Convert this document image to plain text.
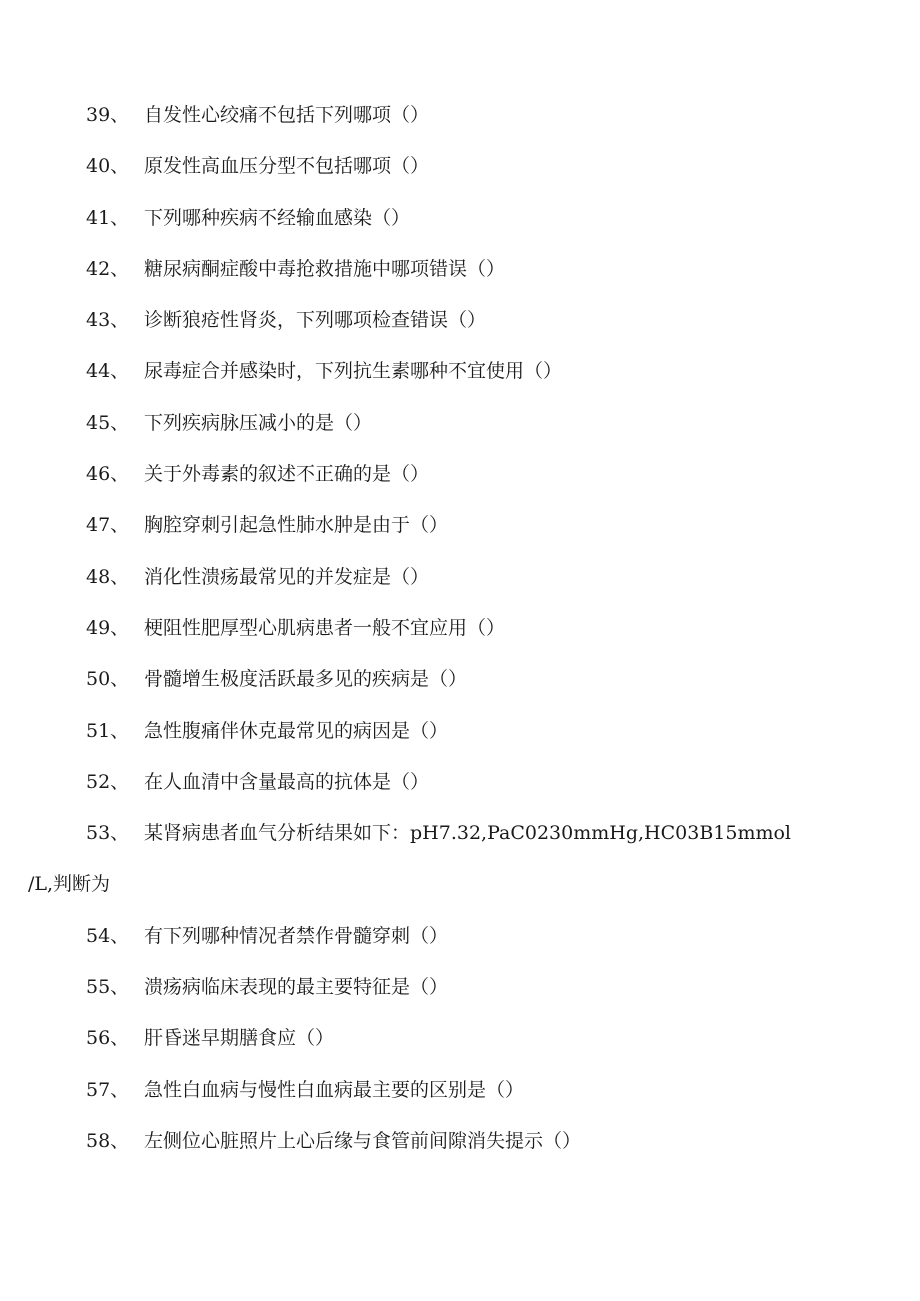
39、 自发性心绞痛不包括下列哪项（）
40、 原发性高血压分型不包括哪项（）
41、 下列哪种疾病不经输血感染（）
42、 糖尿病酮症酸中毒抢救措施中哪项错误（）
43、 诊断狼疮性肾炎，下列哪项检查错误（）
44、 尿毒症合并感染时，下列抗生素哪种不宜使用（）
45、 下列疾病脉压减小的是（）
46、 关于外毒素的叙述不正确的是（）
47、 胸腔穿刺引起急性肺水肿是由于（）
48、 消化性溃疡最常见的并发症是（）
49、 梗阻性肥厚型心肌病患者一般不宜应用（）
50、 骨髓增生极度活跃最多见的疾病是（）
51、 急性腹痛伴休克最常见的病因是（）
52、 在人血清中含量最高的抗体是（）
53、 某肾病患者血气分析结果如下：pH7.32,PaC0230mmHg,HC03B15mmol
/L,判断为
54、 有下列哪种情况者禁作骨髓穿刺（）
55、 溃疡病临床表现的最主要特征是（）
56、 肝昏迷早期膳食应（）
57、 急性白血病与慢性白血病最主要的区别是（）
58、 左侧位心脏照片上心后缘与食管前间隙消失提示（）
